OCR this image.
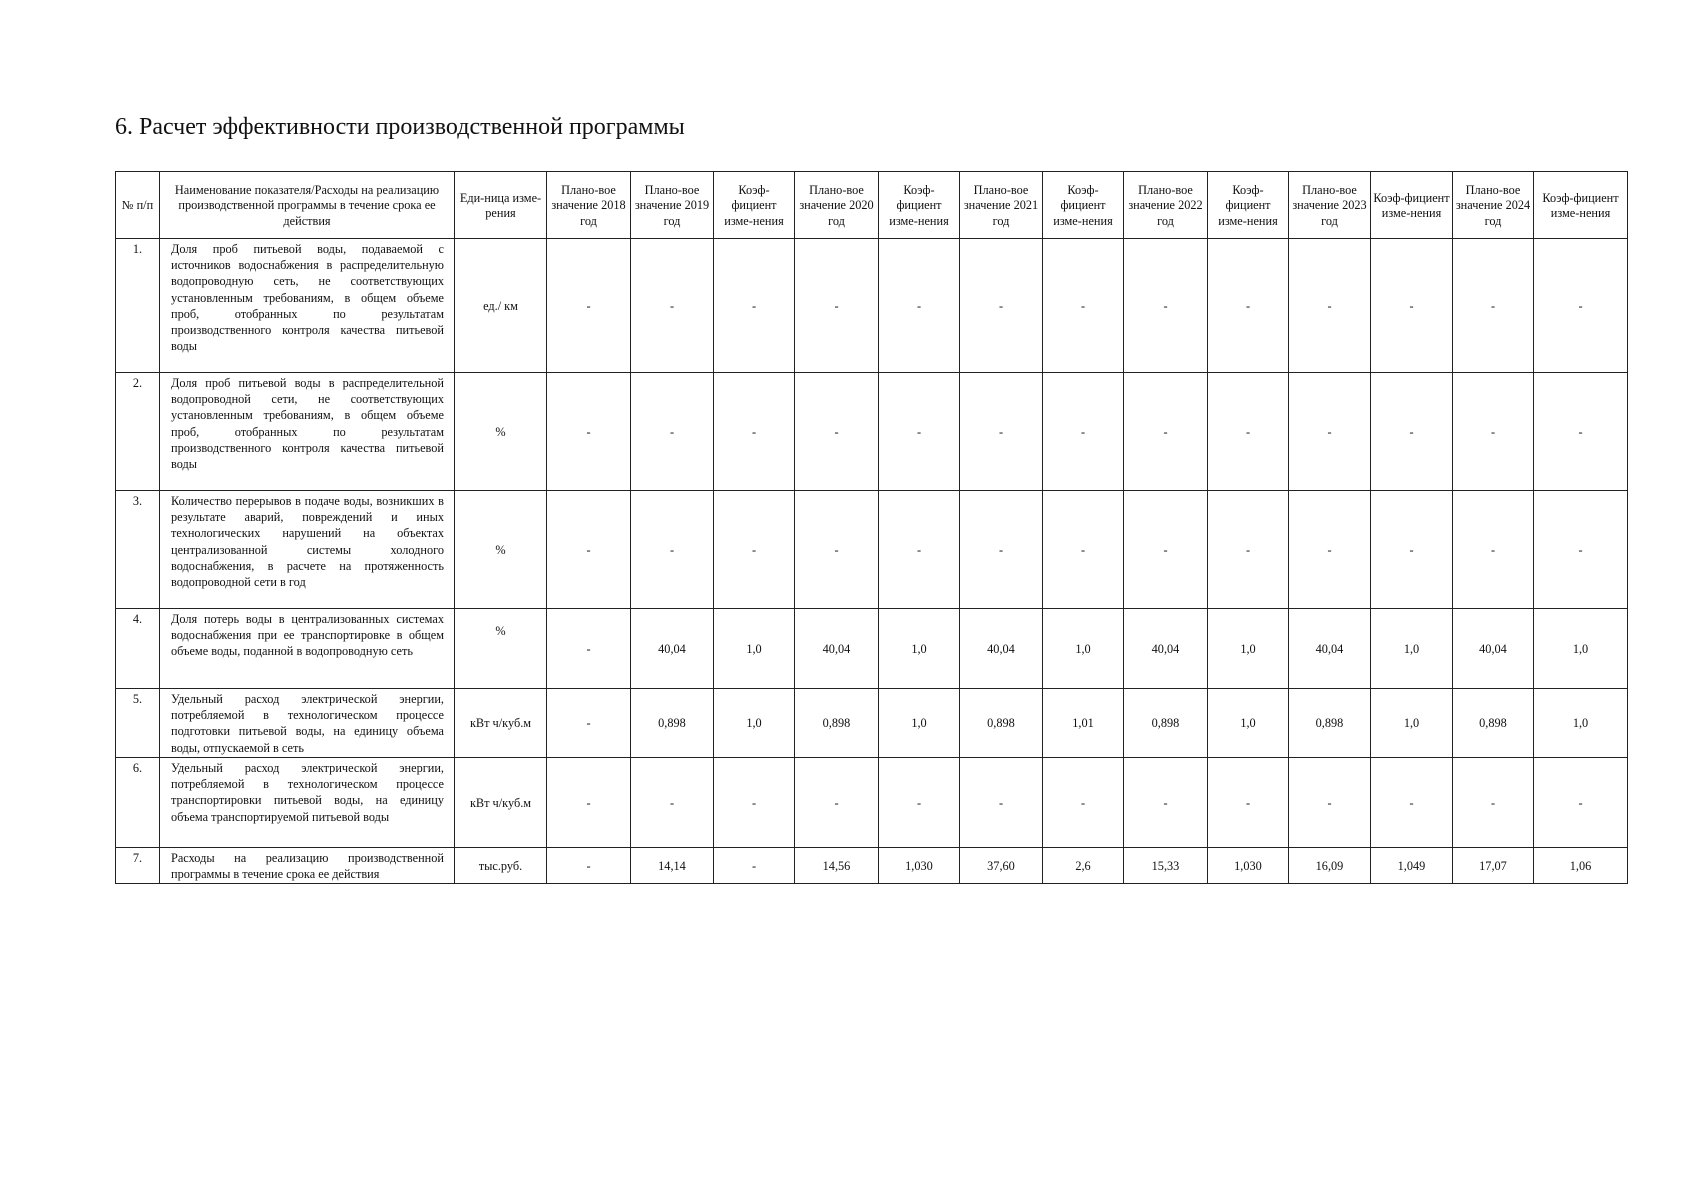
6. Расчет эффективности производственной программы
№ п/п	Наименование показателя/Расходы на реализацию производственной программы в течение срока ее действия	Еди-ница изме-рения	Плано-вое значение 2018 год	Плано-вое значение 2019 год	Коэф-фициент изме-нения	Плано-вое значение 2020 год	Коэф-фициент изме-нения	Плано-вое значение 2021 год	Коэф-фициент изме-нения	Плано-вое значение 2022 год	Коэф-фициент изме-нения	Плано-вое значение 2023 год	Коэф-фициент изме-нения	Плано-вое значение 2024 год	Коэф-фициент изме-нения
1.	Доля проб питьевой воды, подаваемой с источников водоснабжения в распределительную водопроводную сеть, не соответствующих установленным требованиям, в общем объеме проб, отобранных по результатам производственного контроля качества питьевой воды	ед./ км	-	-	-	-	-	-	-	-	-	-	-	-	-
2.	Доля проб питьевой воды в распределительной водопроводной сети, не соответствующих установленным требованиям, в общем объеме проб, отобранных по результатам производственного контроля качества питьевой воды	%	-	-	-	-	-	-	-	-	-	-	-	-	-
3.	Количество перерывов в подаче воды, возникших в результате аварий, повреждений и иных технологических нарушений на объектах централизованной системы холодного водоснабжения, в расчете на протяженность водопроводной сети в год	%	-	-	-	-	-	-	-	-	-	-	-	-	-
4.	Доля потерь воды в централизованных системах водоснабжения при ее транспортировке в общем объеме воды, поданной в водопроводную сеть	%	-	40,04	1,0	40,04	1,0	40,04	1,0	40,04	1,0	40,04	1,0	40,04	1,0
5.	Удельный расход электрической энергии, потребляемой в технологическом процессе подготовки питьевой воды, на единицу объема воды, отпускаемой в сеть	кВт ч/куб.м	-	0,898	1,0	0,898	1,0	0,898	1,01	0,898	1,0	0,898	1,0	0,898	1,0
6.	Удельный расход электрической энергии, потребляемой в технологическом процессе транспортировки питьевой воды, на единицу объема транспортируемой питьевой воды	кВт ч/куб.м	-	-	-	-	-	-	-	-	-	-	-	-	-
7.	Расходы на реализацию производственной программы в течение срока ее действия	тыс.руб.	-	14,14	-	14,56	1,030	37,60	2,6	15,33	1,030	16,09	1,049	17,07	1,06
